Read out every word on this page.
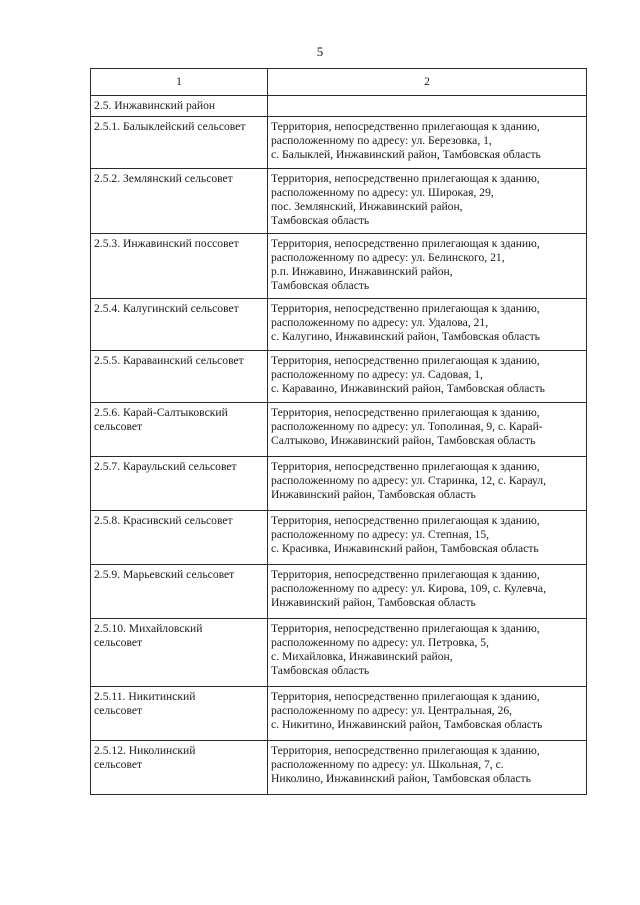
5
1	2
2.5. Инжавинский район	

2.5.1. Балыклейский сельсовет	Территория, непосредственно прилегающая к зданию,
расположенному по адресу: ул. Березовка, 1,
с. Балыклей, Инжавинский район, Тамбовская область

2.5.2. Землянский сельсовет	Территория, непосредственно прилегающая к зданию,
расположенному по адресу: ул. Широкая, 29,
пос. Землянский, Инжавинский район,
Тамбовская область

2.5.3. Инжавинский поссовет	Территория, непосредственно прилегающая к зданию,
расположенному по адресу: ул. Белинского, 21,
р.п. Инжавино, Инжавинский район,
Тамбовская область

2.5.4. Калугинский сельсовет	Территория, непосредственно прилегающая к зданию,
расположенному по адресу: ул. Удалова, 21,
с. Калугино, Инжавинский район, Тамбовская область

2.5.5. Караваинский сельсовет	Территория, непосредственно прилегающая к зданию,
расположенному по адресу: ул. Садовая, 1,
с. Караваино, Инжавинский район, Тамбовская область

2.5.6. Карай-Салтыковский
сельсовет	Территория, непосредственно прилегающая к зданию,
расположенному по адресу: ул. Тополиная, 9, с. Карай-
Салтыково, Инжавинский район, Тамбовская область

2.5.7. Караульский сельсовет	Территория, непосредственно прилегающая к зданию,
расположенному по адресу: ул. Старинка, 12, с. Караул,
Инжавинский район, Тамбовская область

2.5.8. Красивский сельсовет	Территория, непосредственно прилегающая к зданию,
расположенному по адресу: ул. Степная, 15,
с. Красивка, Инжавинский район, Тамбовская область

2.5.9. Марьевский сельсовет	Территория, непосредственно прилегающая к зданию,
расположенному по адресу: ул. Кирова, 109, с. Кулевча,
Инжавинский район, Тамбовская область

2.5.10. Михайловский
сельсовет	Территория, непосредственно прилегающая к зданию,
расположенному по адресу: ул. Петровка, 5,
с. Михайловка, Инжавинский район,
Тамбовская область

2.5.11. Никитинский
сельсовет	Территория, непосредственно прилегающая к зданию,
расположенному по адресу: ул. Центральная, 26,
с. Никитино, Инжавинский район, Тамбовская область

2.5.12. Николинский
сельсовет	Территория, непосредственно прилегающая к зданию,
расположенному по адресу: ул. Школьная, 7, с.
Николино, Инжавинский район, Тамбовская область
